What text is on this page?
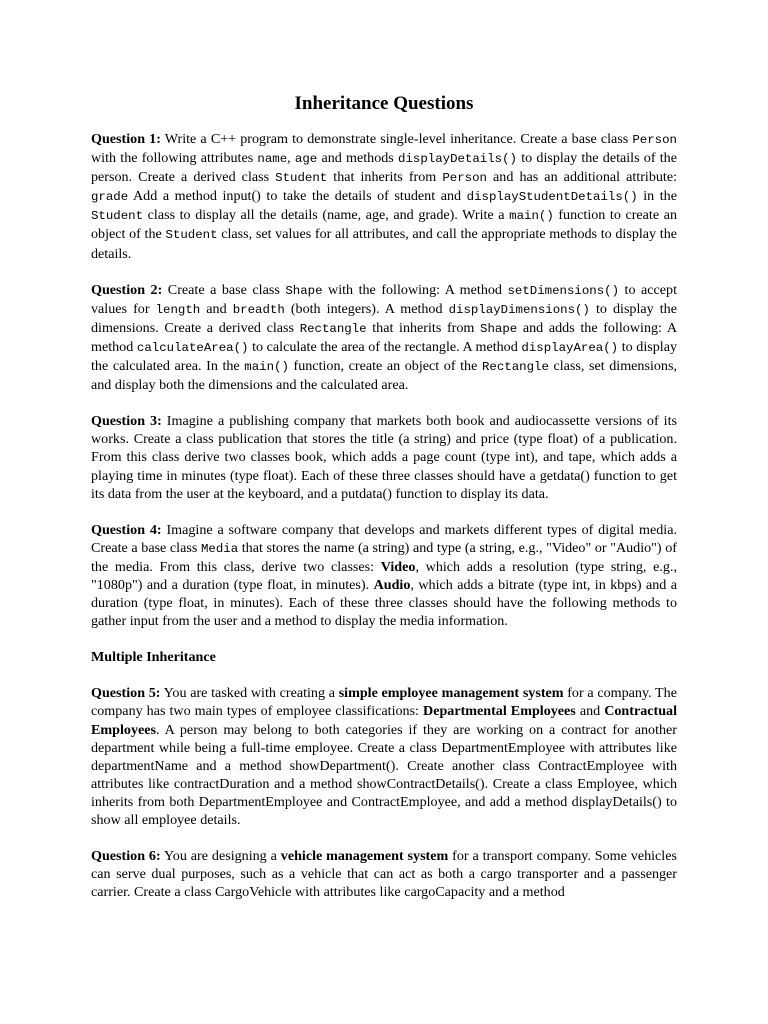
Inheritance Questions

Question 1: Write a C++ program to demonstrate single-level inheritance. Create a base class Person with the following attributes name, age and methods displayDetails() to display the details of the person. Create a derived class Student that inherits from Person and has an additional attribute: grade Add a method input() to take the details of student and displayStudentDetails() in the Student class to display all the details (name, age, and grade). Write a main() function to create an object of the Student class, set values for all attributes, and call the appropriate methods to display the details.

Question 2: Create a base class Shape with the following: A method setDimensions() to accept values for length and breadth (both integers). A method displayDimensions() to display the dimensions. Create a derived class Rectangle that inherits from Shape and adds the following: A method calculateArea() to calculate the area of the rectangle. A method displayArea() to display the calculated area. In the main() function, create an object of the Rectangle class, set dimensions, and display both the dimensions and the calculated area.

Question 3: Imagine a publishing company that markets both book and audiocassette versions of its works. Create a class publication that stores the title (a string) and price (type float) of a publication. From this class derive two classes book, which adds a page count (type int), and tape, which adds a playing time in minutes (type float). Each of these three classes should have a getdata() function to get its data from the user at the keyboard, and a putdata() function to display its data.

Question 4: Imagine a software company that develops and markets different types of digital media. Create a base class Media that stores the name (a string) and type (a string, e.g., "Video" or "Audio") of the media. From this class, derive two classes: Video, which adds a resolution (type string, e.g., "1080p") and a duration (type float, in minutes). Audio, which adds a bitrate (type int, in kbps) and a duration (type float, in minutes). Each of these three classes should have the following methods to gather input from the user and a method to display the media information.

Multiple Inheritance

Question 5: You are tasked with creating a simple employee management system for a company. The company has two main types of employee classifications: Departmental Employees and Contractual Employees. A person may belong to both categories if they are working on a contract for another department while being a full-time employee. Create a class DepartmentEmployee with attributes like departmentName and a method showDepartment(). Create another class ContractEmployee with attributes like contractDuration and a method showContractDetails(). Create a class Employee, which inherits from both DepartmentEmployee and ContractEmployee, and add a method displayDetails() to show all employee details.

Question 6: You are designing a vehicle management system for a transport company. Some vehicles can serve dual purposes, such as a vehicle that can act as both a cargo transporter and a passenger carrier. Create a class CargoVehicle with attributes like cargoCapacity and a method
